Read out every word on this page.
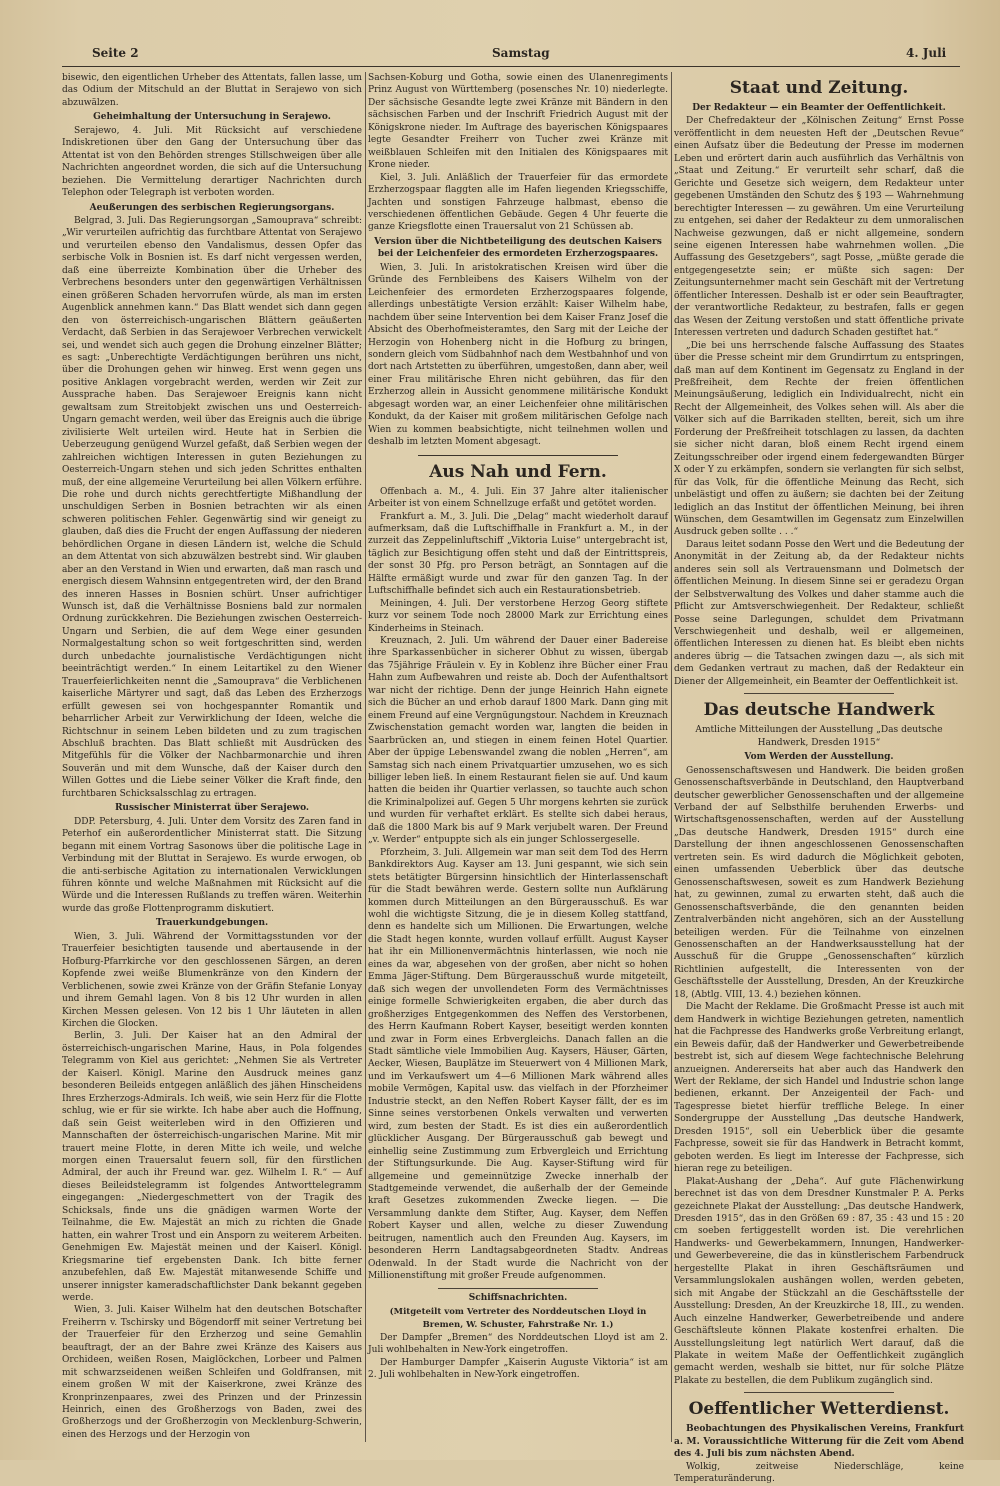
Seite 2	Samstag	4. Juli

bisewic, den eigentlichen Urheber des Attentats, fallen lasse, um das Odium der Mitschuld an der Bluttat in Serajewo von sich abzuwälzen.

Geheimhaltung der Untersuchung in Serajewo.

Serajewo, 4. Juli. Mit Rücksicht auf verschiedene Indiskretionen über den Gang der Untersuchung über das Attentat ist von den Behörden strenges Stillschweigen über alle Nachrichten angeordnet worden, die sich auf die Untersuchung beziehen. Die Vermittelung derartiger Nachrichten durch Telephon oder Telegraph ist verboten worden.

Aeußerungen des serbischen Regierungsorgans.

Belgrad, 3. Juli. Das Regierungsorgan „Samouprava“ schreibt: „Wir verurteilen aufrichtig das furchtbare Attentat von Serajewo und verurteilen ebenso den Vandalismus, dessen Opfer das serbische Volk in Bosnien ist. Es darf nicht vergessen werden, daß eine überreizte Kombination über die Urheber des Verbrechens besonders unter den gegenwärtigen Verhältnissen einen größeren Schaden hervorrufen würde, als man im ersten Augenblick annehmen kann.“ Das Blatt wendet sich dann gegen den von österreichisch-ungarischen Blättern geäußerten Verdacht, daß Serbien in das Serajewoer Verbrechen verwickelt sei, und wendet sich auch gegen die Drohung einzelner Blätter; es sagt: „Unberechtigte Verdächtigungen berühren uns nicht, über die Drohungen gehen wir hinweg. Erst wenn gegen uns positive Anklagen vorgebracht werden, werden wir Zeit zur Aussprache haben. Das Serajewoer Ereignis kann nicht gewaltsam zum Streitobjekt zwischen uns und Oesterreich-Ungarn gemacht werden, weil über das Ereignis auch die übrige zivilisierte Welt urteilen wird. Heute hat in Serbien die Ueberzeugung genügend Wurzel gefaßt, daß Serbien wegen der zahlreichen wichtigen Interessen in guten Beziehungen zu Oesterreich-Ungarn stehen und sich jeden Schrittes enthalten muß, der eine allgemeine Verurteilung bei allen Völkern erführe. Die rohe und durch nichts gerechtfertigte Mißhandlung der unschuldigen Serben in Bosnien betrachten wir als einen schweren politischen Fehler. Gegenwärtig sind wir geneigt zu glauben, daß dies die Frucht der engen Auffassung der niederen behördlichen Organe in diesen Ländern ist, welche die Schuld an dem Attentat von sich abzuwälzen bestrebt sind. Wir glauben aber an den Verstand in Wien und erwarten, daß man rasch und energisch diesem Wahnsinn entgegentreten wird, der den Brand des inneren Hasses in Bosnien schürt. Unser aufrichtiger Wunsch ist, daß die Verhältnisse Bosniens bald zur normalen Ordnung zurückkehren. Die Beziehungen zwischen Oesterreich-Ungarn und Serbien, die auf dem Wege einer gesunden Normalgestaltung schon so weit fortgeschritten sind, werden durch unbedachte journalistische Verdächtigungen nicht beeinträchtigt werden.“ In einem Leitartikel zu den Wiener Trauerfeierlichkeiten nennt die „Samouprava“ die Verblichenen kaiserliche Märtyrer und sagt, daß das Leben des Erzherzogs erfüllt gewesen sei von hochgespannter Romantik und beharrlicher Arbeit zur Verwirklichung der Ideen, welche die Richtschnur in seinem Leben bildeten und zu zum tragischen Abschluß brachten. Das Blatt schließt mit Ausdrücken des Mitgefühls für die Völker der Nachbarmonarchie und ihren Souverän und mit dem Wunsche, daß der Kaiser durch den Willen Gottes und die Liebe seiner Völker die Kraft finde, den furchtbaren Schicksalsschlag zu ertragen.

Russischer Ministerrat über Serajewo.

DDP. Petersburg, 4. Juli. Unter dem Vorsitz des Zaren fand in Peterhof ein außerordentlicher Ministerrat statt. Die Sitzung begann mit einem Vortrag Sasonows über die politische Lage in Verbindung mit der Bluttat in Serajewo. Es wurde erwogen, ob die anti-serbische Agitation zu internationalen Verwicklungen führen könnte und welche Maßnahmen mit Rücksicht auf die Würde und die Interessen Rußlands zu treffen wären. Weiterhin wurde das große Flottenprogramm diskutiert.

Trauerkundgebungen.

Wien, 3. Juli. Während der Vormittagsstunden vor der Trauerfeier besichtigten tausende und abertausende in der Hofburg-Pfarrkirche vor den geschlossenen Särgen, an deren Kopfende zwei weiße Blumenkränze von den Kindern der Verblichenen, sowie zwei Kränze von der Gräfin Stefanie Lonyay und ihrem Gemahl lagen. Von 8 bis 12 Uhr wurden in allen Kirchen Messen gelesen. Von 12 bis 1 Uhr läuteten in allen Kirchen die Glocken.

Berlin, 3. Juli. Der Kaiser hat an den Admiral der österreichisch-ungarischen Marine, Haus, in Pola folgendes Telegramm von Kiel aus gerichtet: „Nehmen Sie als Vertreter der Kaiserl. Königl. Marine den Ausdruck meines ganz besonderen Beileids entgegen anläßlich des jähen Hinscheidens Ihres Erzherzogs-Admirals. Ich weiß, wie sein Herz für die Flotte schlug, wie er für sie wirkte. Ich habe aber auch die Hoffnung, daß sein Geist weiterleben wird in den Offizieren und Mannschaften der österreichisch-ungarischen Marine. Mit mir trauert meine Flotte, in deren Mitte ich weile, und welche morgen einen Trauersalut feuern soll, für den fürstlichen Admiral, der auch ihr Freund war. gez. Wilhelm I. R.“ — Auf dieses Beileidstelegramm ist folgendes Antworttelegramm eingegangen: „Niedergeschmettert von der Tragik des Schicksals, finde uns die gnädigen warmen Worte der Teilnahme, die Ew. Majestät an mich zu richten die Gnade hatten, ein wahrer Trost und ein Ansporn zu weiterem Arbeiten. Genehmigen Ew. Majestät meinen und der Kaiserl. Königl. Kriegsmarine tief ergebensten Dank. Ich bitte ferner anzubefehlen, daß Ew. Majestät mitanwesende Schiffe und unserer innigster kameradschaftlichster Dank bekannt gegeben werde.

Wien, 3. Juli. Kaiser Wilhelm hat den deutschen Botschafter Freiherrn v. Tschirsky und Bögendorff mit seiner Vertretung bei der Trauerfeier für den Erzherzog und seine Gemahlin beauftragt, der an der Bahre zwei Kränze des Kaisers aus Orchideen, weißen Rosen, Maiglöckchen, Lorbeer und Palmen mit schwarzseidenen weißen Schleifen und Goldfransen, mit einem großen W mit der Kaiserkrone, zwei Kränze des Kronprinzenpaares, zwei des Prinzen und der Prinzessin Heinrich, einen des Großherzogs von Baden, zwei des Großherzogs und der Großherzogin von Mecklenburg-Schwerin, einen des Herzogs und der Herzogin von

Sachsen-Koburg und Gotha, sowie einen des Ulanenregiments Prinz August von Württemberg (posensches Nr. 10) niederlegte. Der sächsische Gesandte legte zwei Kränze mit Bändern in den sächsischen Farben und der Inschrift Friedrich August mit der Königskrone nieder. Im Auftrage des bayerischen Königspaares legte Gesandter Freiherr von Tucher zwei Kränze mit weißblauen Schleifen mit den Initialen des Königspaares mit Krone nieder.

Kiel, 3. Juli. Anläßlich der Trauerfeier für das ermordete Erzherzogspaar flaggten alle im Hafen liegenden Kriegsschiffe, Jachten und sonstigen Fahrzeuge halbmast, ebenso die verschiedenen öffentlichen Gebäude. Gegen 4 Uhr feuerte die ganze Kriegsflotte einen Trauersalut von 21 Schüssen ab.

Version über die Nichtbeteiligung des deutschen Kaisers bei der Leichenfeier des ermordeten Erzherzogspaares.

Wien, 3. Juli. In aristokratischen Kreisen wird über die Gründe des Fernbleibens des Kaisers Wilhelm von der Leichenfeier des ermordeten Erzherzogspaares folgende, allerdings unbestätigte Version erzählt: Kaiser Wilhelm habe, nachdem über seine Intervention bei dem Kaiser Franz Josef die Absicht des Oberhofmeisteramtes, den Sarg mit der Leiche der Herzogin von Hohenberg nicht in die Hofburg zu bringen, sondern gleich vom Südbahnhof nach dem Westbahnhof und von dort nach Artstetten zu überführen, umgestoßen, dann aber, weil einer Frau militärische Ehren nicht gebühren, das für den Erzherzog allein in Aussicht genommene militärische Kondukt abgesagt worden war, an einer Leichenfeier ohne militärischen Kondukt, da der Kaiser mit großem militärischen Gefolge nach Wien zu kommen beabsichtigte, nicht teilnehmen wollen und deshalb im letzten Moment abgesagt.

Aus Nah und Fern.

Offenbach a. M., 4. Juli. Ein 37 Jahre alter italienischer Arbeiter ist von einem Schnellzuge erfaßt und getötet worden.

Frankfurt a. M., 3. Juli. Die „Delag“ macht wiederholt darauf aufmerksam, daß die Luftschiffhalle in Frankfurt a. M., in der zurzeit das Zeppelinluftschiff „Viktoria Luise“ untergebracht ist, täglich zur Besichtigung offen steht und daß der Eintrittspreis, der sonst 30 Pfg. pro Person beträgt, an Sonntagen auf die Hälfte ermäßigt wurde und zwar für den ganzen Tag. In der Luftschiffhalle befindet sich auch ein Restaurationsbetrieb.

Meiningen, 4. Juli. Der verstorbene Herzog Georg stiftete kurz vor seinem Tode noch 28000 Mark zur Errichtung eines Kinderheims in Steinach.

Kreuznach, 2. Juli. Um während der Dauer einer Badereise ihre Sparkassenbücher in sicherer Obhut zu wissen, übergab das 75jährige Fräulein v. Ey in Koblenz ihre Bücher einer Frau Hahn zum Aufbewahren und reiste ab. Doch der Aufenthaltsort war nicht der richtige. Denn der junge Heinrich Hahn eignete sich die Bücher an und erhob darauf 1800 Mark. Dann ging mit einem Freund auf eine Vergnügungstour. Nachdem in Kreuznach Zwischenstation gemacht worden war, langten die beiden in Saarbrücken an, und stiegen in einem feinen Hotel Quartier. Aber der üppige Lebenswandel zwang die noblen „Herren“, am Samstag sich nach einem Privatquartier umzusehen, wo es sich billiger leben ließ. In einem Restaurant fielen sie auf. Und kaum hatten die beiden ihr Quartier verlassen, so tauchte auch schon die Kriminalpolizei auf. Gegen 5 Uhr morgens kehrten sie zurück und wurden für verhaftet erklärt. Es stellte sich dabei heraus, daß die 1800 Mark bis auf 9 Mark verjubelt waren. Der Freund „v. Werder“ entpuppte sich als ein junger Schlossergeselle.

Pforzheim, 3. Juli. Allgemein war man seit dem Tod des Herrn Bankdirektors Aug. Kayser am 13. Juni gespannt, wie sich sein stets betätigter Bürgersinn hinsichtlich der Hinterlassenschaft für die Stadt bewähren werde. Gestern sollte nun Aufklärung kommen durch Mitteilungen an den Bürgerausschuß. Es war wohl die wichtigste Sitzung, die je in diesem Kolleg stattfand, denn es handelte sich um Millionen. Die Erwartungen, welche die Stadt hegen konnte, wurden vollauf erfüllt. August Kayser hat ihr ein Millionenvermächtnis hinterlassen, wie noch nie eines da war, abgesehen von der großen, aber nicht so hohen Emma Jäger-Stiftung. Dem Bürgerausschuß wurde mitgeteilt, daß sich wegen der unvollendeten Form des Vermächtnisses einige formelle Schwierigkeiten ergaben, die aber durch das großherziges Entgegenkommen des Neffen des Verstorbenen, des Herrn Kaufmann Robert Kayser, beseitigt werden konnten und zwar in Form eines Erbvergleichs. Danach fallen an die Stadt sämtliche viele Immobilien Aug. Kaysers, Häuser, Gärten, Aecker, Wiesen, Bauplätze im Steuerwert von 4 Millionen Mark, und im Verkaufswert um 4—6 Millionen Mark während alles mobile Vermögen, Kapital usw. das vielfach in der Pforzheimer Industrie steckt, an den Neffen Robert Kayser fällt, der es im Sinne seines verstorbenen Onkels verwalten und verwerten wird, zum besten der Stadt. Es ist dies ein außerordentlich glücklicher Ausgang. Der Bürgerausschuß gab bewegt und einhellig seine Zustimmung zum Erbvergleich und Errichtung der Stiftungsurkunde. Die Aug. Kayser-Stiftung wird für allgemeine und gemeinnützige Zwecke innerhalb der Stadtgemeinde verwendet, die außerhalb der der Gemeinde kraft Gesetzes zukommenden Zwecke liegen. — Die Versammlung dankte dem Stifter, Aug. Kayser, dem Neffen Robert Kayser und allen, welche zu dieser Zuwendung beitrugen, namentlich auch den Freunden Aug. Kaysers, im besonderen Herrn Landtagsabgeordneten Stadtv. Andreas Odenwald. In der Stadt wurde die Nachricht von der Millionenstiftung mit großer Freude aufgenommen.

Schiffsnachrichten.
(Mitgeteilt vom Vertreter des Norddeutschen Lloyd in Bremen, W. Schuster, Fahrstraße Nr. 1.)

Der Dampfer „Bremen“ des Norddeutschen Lloyd ist am 2. Juli wohlbehalten in New-York eingetroffen.

Der Hamburger Dampfer „Kaiserin Auguste Viktoria“ ist am 2. Juli wohlbehalten in New-York eingetroffen.

Staat und Zeitung.
Der Redakteur — ein Beamter der Oeffentlichkeit.

Der Chefredakteur der „Kölnischen Zeitung“ Ernst Posse veröffentlicht in dem neuesten Heft der „Deutschen Revue“ einen Aufsatz über die Bedeutung der Presse im modernen Leben und erörtert darin auch ausführlich das Verhältnis von „Staat und Zeitung.“ Er verurteilt sehr scharf, daß die Gerichte und Gesetze sich weigern, dem Redakteur unter gegebenen Umständen den Schutz des § 193 — Wahrnehmung berechtigter Interessen — zu gewähren. Um eine Verurteilung zu entgehen, sei daher der Redakteur zu dem unmoralischen Nachweise gezwungen, daß er nicht allgemeine, sondern seine eigenen Interessen habe wahrnehmen wollen. „Die Auffassung des Gesetzgebers“, sagt Posse, „müßte gerade die entgegengesetzte sein; er müßte sich sagen: Der Zeitungsunternehmer macht sein Geschäft mit der Vertretung öffentlicher Interessen. Deshalb ist er oder sein Beauftragter, der verantwortliche Redakteur, zu bestrafen, falls er gegen das Wesen der Zeitung verstoßen und statt öffentliche private Interessen vertreten und dadurch Schaden gestiftet hat.“

„Die bei uns herrschende falsche Auffassung des Staates über die Presse scheint mir dem Grundirrtum zu entspringen, daß man auf dem Kontinent im Gegensatz zu England in der Preßfreiheit, dem Rechte der freien öffentlichen Meinungsäußerung, lediglich ein Individualrecht, nicht ein Recht der Allgemeinheit, des Volkes sehen will. Als aber die Völker sich auf die Barrikaden stellten, bereit, sich um ihre Forderung der Preßfreiheit totschlagen zu lassen, da dachten sie sicher nicht daran, bloß einem Recht irgend einem Zeitungsschreiber oder irgend einem federgewandten Bürger X oder Y zu erkämpfen, sondern sie verlangten für sich selbst, für das Volk, für die öffentliche Meinung das Recht, sich unbelästigt und offen zu äußern; sie dachten bei der Zeitung lediglich an das Institut der öffentlichen Meinung, bei ihren Wünschen, dem Gesamtwillen im Gegensatz zum Einzelwillen Ausdruck geben sollte . . .“

Daraus leitet sodann Posse den Wert und die Bedeutung der Anonymität in der Zeitung ab, da der Redakteur nichts anderes sein soll als Vertrauensmann und Dolmetsch der öffentlichen Meinung. In diesem Sinne sei er geradezu Organ der Selbstverwaltung des Volkes und daher stamme auch die Pflicht zur Amtsverschwiegenheit. Der Redakteur, schließt Posse seine Darlegungen, schuldet dem Privatmann Verschwiegenheit und deshalb, weil er allgemeinen, öffentlichen Interessen zu dienen hat. Es bleibt eben nichts anderes übrig — die Tatsachen zwingen dazu —, als sich mit dem Gedanken vertraut zu machen, daß der Redakteur ein Diener der Allgemeinheit, ein Beamter der Oeffentlichkeit ist.

Das deutsche Handwerk
Amtliche Mitteilungen der Ausstellung „Das deutsche Handwerk, Dresden 1915“
Vom Werden der Ausstellung.

Genossenschaftswesen und Handwerk. Die beiden großen Genossenschaftsverbände in Deutschland, den Hauptverband deutscher gewerblicher Genossenschaften und der allgemeine Verband der auf Selbsthilfe beruhenden Erwerbs- und Wirtschaftsgenossenschaften, werden auf der Ausstellung „Das deutsche Handwerk, Dresden 1915“ durch eine Darstellung der ihnen angeschlossenen Genossenschaften vertreten sein. Es wird dadurch die Möglichkeit geboten, einen umfassenden Ueberblick über das deutsche Genossenschaftswesen, soweit es zum Handwerk Beziehung hat, zu gewinnen, zumal zu erwarten steht, daß auch die Genossenschaftsverbände, die den genannten beiden Zentralverbänden nicht angehören, sich an der Ausstellung beteiligen werden. Für die Teilnahme von einzelnen Genossenschaften an der Handwerksausstellung hat der Ausschuß für die Gruppe „Genossenschaften“ kürzlich Richtlinien aufgestellt, die Interessenten von der Geschäftsstelle der Ausstellung, Dresden, An der Kreuzkirche 18, (Abtlg. VIII, 13. 4.) beziehen können.

Die Macht der Reklame. Die Großmacht Presse ist auch mit dem Handwerk in wichtige Beziehungen getreten, namentlich hat die Fachpresse des Handwerks große Verbreitung erlangt, ein Beweis dafür, daß der Handwerker und Gewerbetreibende bestrebt ist, sich auf diesem Wege fachtechnische Belehrung anzueignen. Andererseits hat aber auch das Handwerk den Wert der Reklame, der sich Handel und Industrie schon lange bedienen, erkannt. Der Anzeigenteil der Fach- und Tagespresse bietet hierfür treffliche Belege. In einer Sondergruppe der Ausstellung „Das deutsche Handwerk, Dresden 1915“, soll ein Ueberblick über die gesamte Fachpresse, soweit sie für das Handwerk in Betracht kommt, geboten werden. Es liegt im Interesse der Fachpresse, sich hieran rege zu beteiligen.

Plakat-Aushang der „Deha“. Auf gute Flächenwirkung berechnet ist das von dem Dresdner Kunstmaler P. A. Perks gezeichnete Plakat der Ausstellung: „Das deutsche Handwerk, Dresden 1915“, das in den Größen 69 : 87, 35 : 43 und 15 : 20 cm soeben fertiggestellt worden ist. Die verehrlichen Handwerks- und Gewerbekammern, Innungen, Handwerker- und Gewerbevereine, die das in künstlerischem Farbendruck hergestellte Plakat in ihren Geschäftsräumen und Versammlungslokalen aushängen wollen, werden gebeten, sich mit Angabe der Stückzahl an die Geschäftsstelle der Ausstellung: Dresden, An der Kreuzkirche 18, III., zu wenden. Auch einzelne Handwerker, Gewerbetreibende und andere Geschäftsleute können Plakate kostenfrei erhalten. Die Ausstellungsleitung legt natürlich Wert darauf, daß die Plakate in weitem Maße der Oeffentlichkeit zugänglich gemacht werden, weshalb sie bittet, nur für solche Plätze Plakate zu bestellen, die dem Publikum zugänglich sind.

Oeffentlicher Wetterdienst.

Beobachtungen des Physikalischen Vereins, Frankfurt a. M. Voraussichtliche Witterung für die Zeit vom Abend des 4. Juli bis zum nächsten Abend.

Wolkig, zeitweise Niederschläge, keine Temperaturänderung.
